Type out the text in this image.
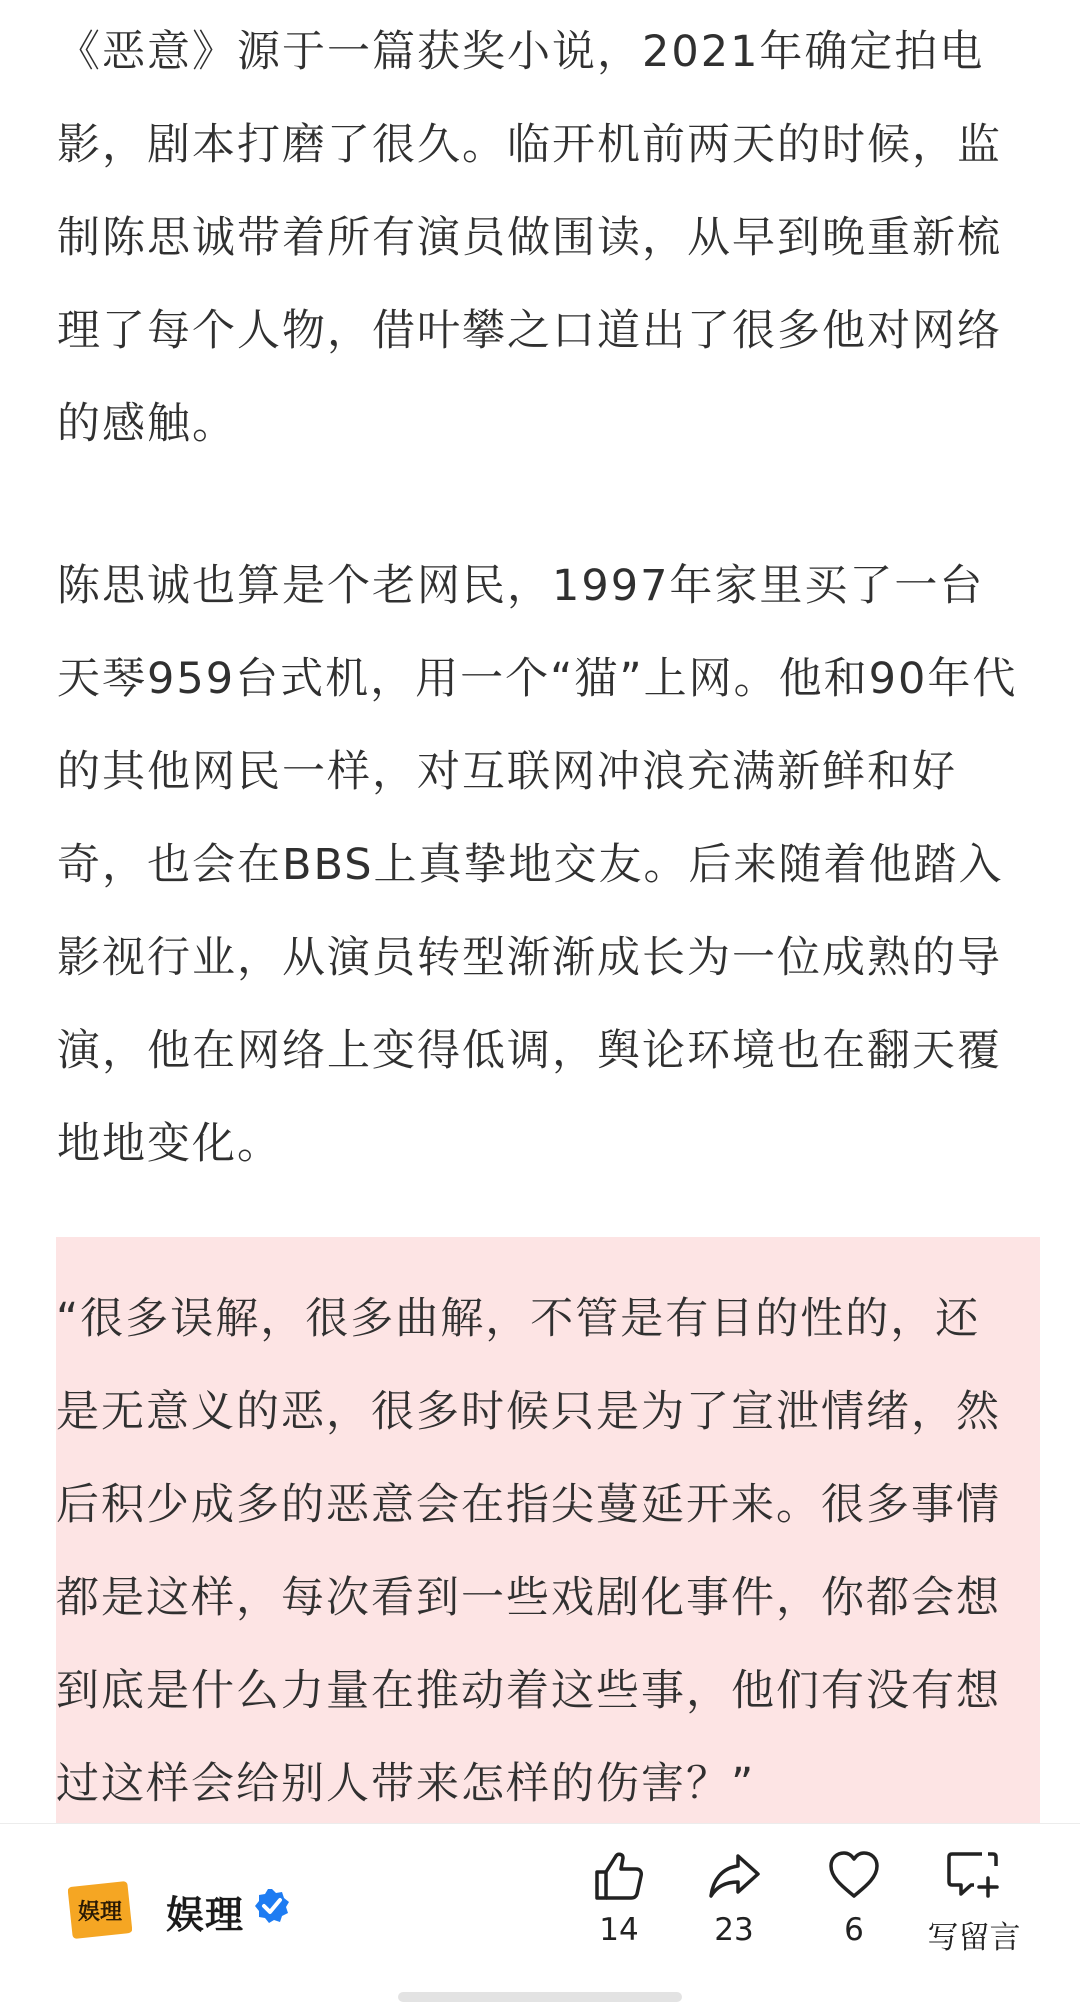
《恶意》源于一篇获奖小说，2021年确定拍电影，剧本打磨了很久。临开机前两天的时候，监制陈思诚带着所有演员做围读，从早到晚重新梳理了每个人物，借叶攀之口道出了很多他对网络的感触。

陈思诚也算是个老网民，1997年家里买了一台天琴959台式机，用一个“猫”上网。他和90年代的其他网民一样，对互联网冲浪充满新鲜和好奇，也会在BBS上真挚地交友。后来随着他踏入影视行业，从演员转型渐渐成长为一位成熟的导演，他在网络上变得低调，舆论环境也在翻天覆地地变化。

“很多误解，很多曲解，不管是有目的性的，还是无意义的恶，很多时候只是为了宣泄情绪，然后积少成多的恶意会在指尖蔓延开来。很多事情都是这样，每次看到一些戏剧化事件，你都会想到底是什么力量在推动着这些事，他们有没有想过这样会给别人带来怎样的伤害？”

娱理 娱理	14	23	6	写留言
